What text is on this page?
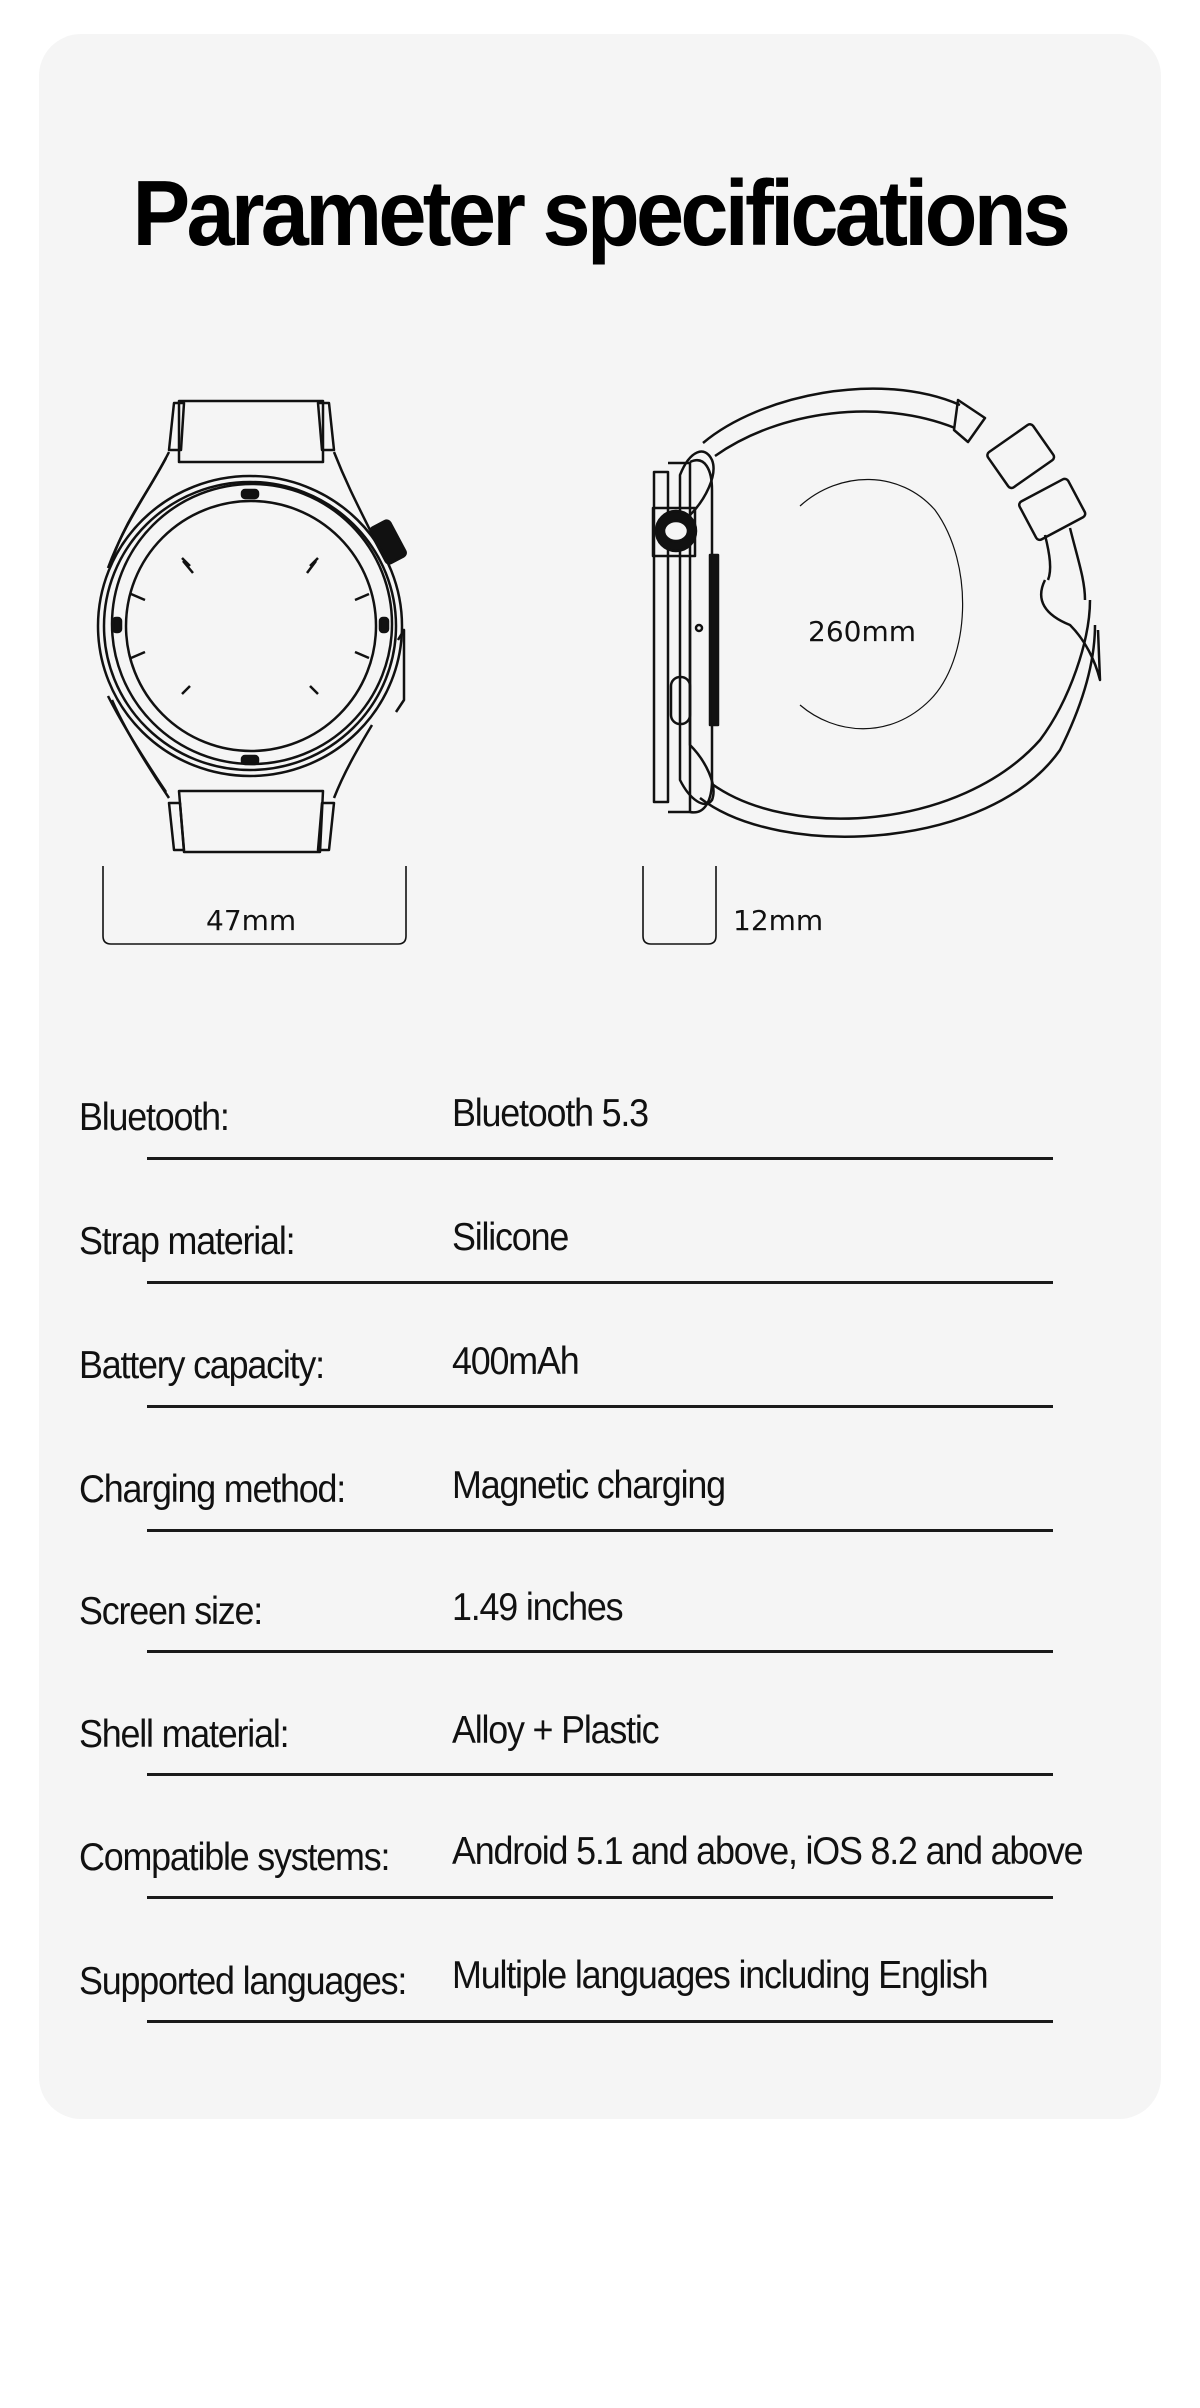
Parameter specifications
47mm
260mm
12mm
Bluetooth:	Bluetooth 5.3
Strap material:	Silicone
Battery capacity:	400mAh
Charging method:	Magnetic charging
Screen size:	1.49 inches
Shell material:	Alloy + Plastic
Compatible systems: Android 5.1 and above, iOS 8.2 and above
Supported languages: Multiple languages including English
